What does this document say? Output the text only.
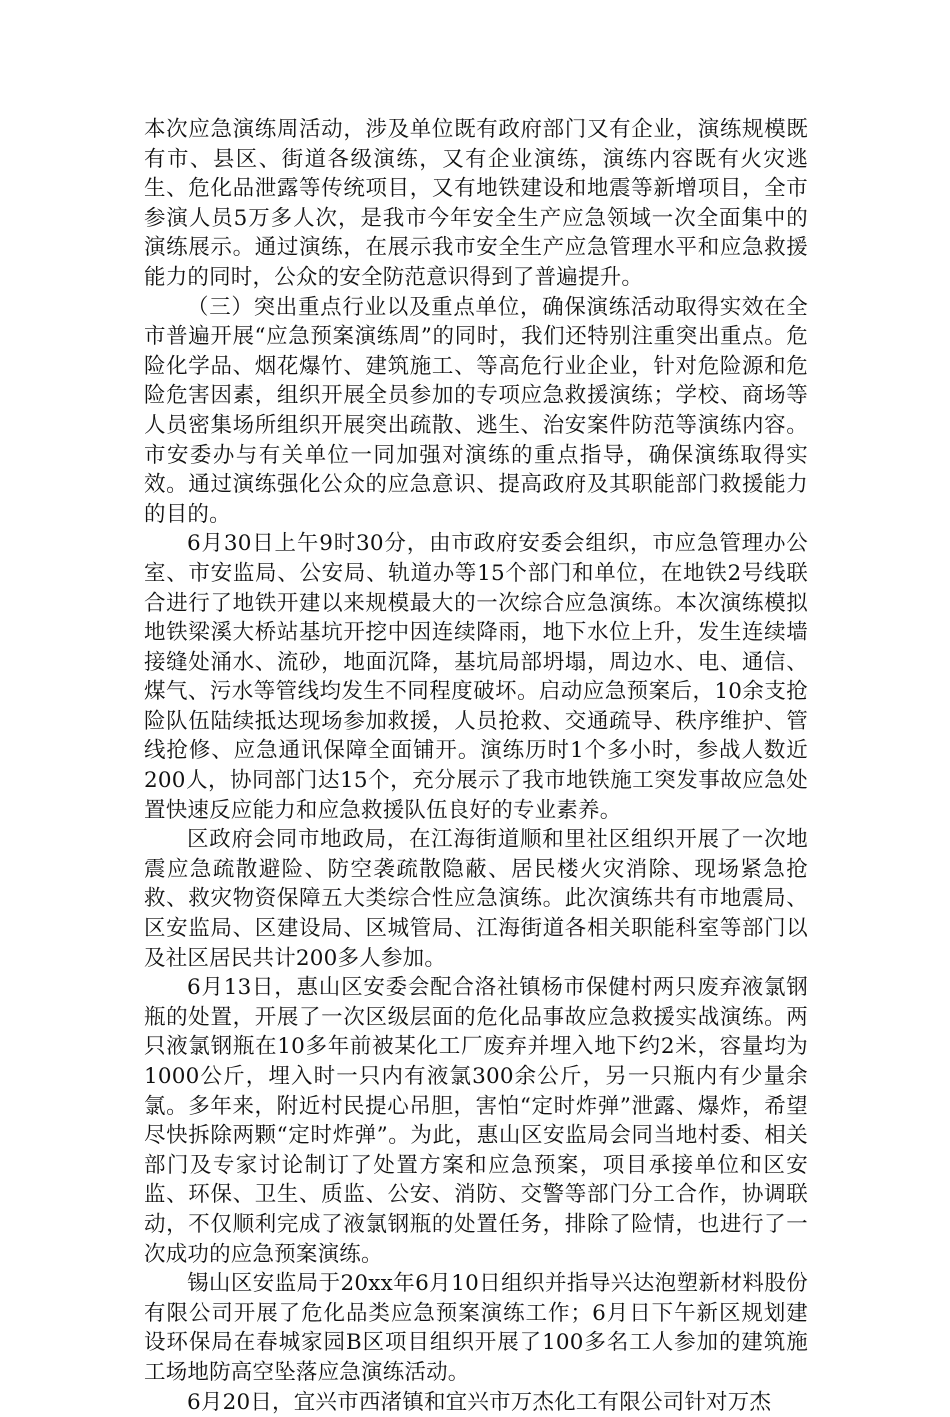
本次应急演练周活动，涉及单位既有政府部门又有企业，演练规模既有市、县区、街道各级演练，又有企业演练，演练内容既有火灾逃生、危化品泄露等传统项目，又有地铁建设和地震等新增项目，全市参演人员5万多人次，是我市今年安全生产应急领域一次全面集中的演练展示。通过演练，在展示我市安全生产应急管理水平和应急救援能力的同时，公众的安全防范意识得到了普遍提升。

（三）突出重点行业以及重点单位，确保演练活动取得实效在全市普遍开展“应急预案演练周”的同时，我们还特别注重突出重点。危险化学品、烟花爆竹、建筑施工、等高危行业企业，针对危险源和危险危害因素，组织开展全员参加的专项应急救援演练；学校、商场等人员密集场所组织开展突出疏散、逃生、治安案件防范等演练内容。市安委办与有关单位一同加强对演练的重点指导，确保演练取得实效。通过演练强化公众的应急意识、提高政府及其职能部门救援能力的目的。

6月30日上午9时30分，由市政府安委会组织，市应急管理办公室、市安监局、公安局、轨道办等15个部门和单位，在地铁2号线联合进行了地铁开建以来规模最大的一次综合应急演练。本次演练模拟地铁梁溪大桥站基坑开挖中因连续降雨，地下水位上升，发生连续墙接缝处涌水、流砂，地面沉降，基坑局部坍塌，周边水、电、通信、煤气、污水等管线均发生不同程度破坏。启动应急预案后，10余支抢险队伍陆续抵达现场参加救援，人员抢救、交通疏导、秩序维护、管线抢修、应急通讯保障全面铺开。演练历时1个多小时，参战人数近200人，协同部门达15个，充分展示了我市地铁施工突发事故应急处置快速反应能力和应急救援队伍良好的专业素养。

区政府会同市地政局，在江海街道顺和里社区组织开展了一次地震应急疏散避险、防空袭疏散隐蔽、居民楼火灾消除、现场紧急抢救、救灾物资保障五大类综合性应急演练。此次演练共有市地震局、区安监局、区建设局、区城管局、江海街道各相关职能科室等部门以及社区居民共计200多人参加。

6月13日，惠山区安委会配合洛社镇杨市保健村两只废弃液氯钢瓶的处置，开展了一次区级层面的危化品事故应急救援实战演练。两只液氯钢瓶在10多年前被某化工厂废弃并埋入地下约2米，容量均为1000公斤，埋入时一只内有液氯300余公斤，另一只瓶内有少量余氯。多年来，附近村民提心吊胆，害怕“定时炸弹”泄露、爆炸，希望尽快拆除两颗“定时炸弹”。为此，惠山区安监局会同当地村委、相关部门及专家讨论制订了处置方案和应急预案，项目承接单位和区安监、环保、卫生、质监、公安、消防、交警等部门分工合作，协调联动，不仅顺利完成了液氯钢瓶的处置任务，排除了险情，也进行了一次成功的应急预案演练。

锡山区安监局于20xx年6月10日组织并指导兴达泡塑新材料股份有限公司开展了危化品类应急预案演练工作；6月日下午新区规划建设环保局在春城家园B区项目组织开展了100多名工人参加的建筑施工场地防高空坠落应急演练活动。

6月20日，宜兴市西渚镇和宜兴市万杰化工有限公司针对万杰
